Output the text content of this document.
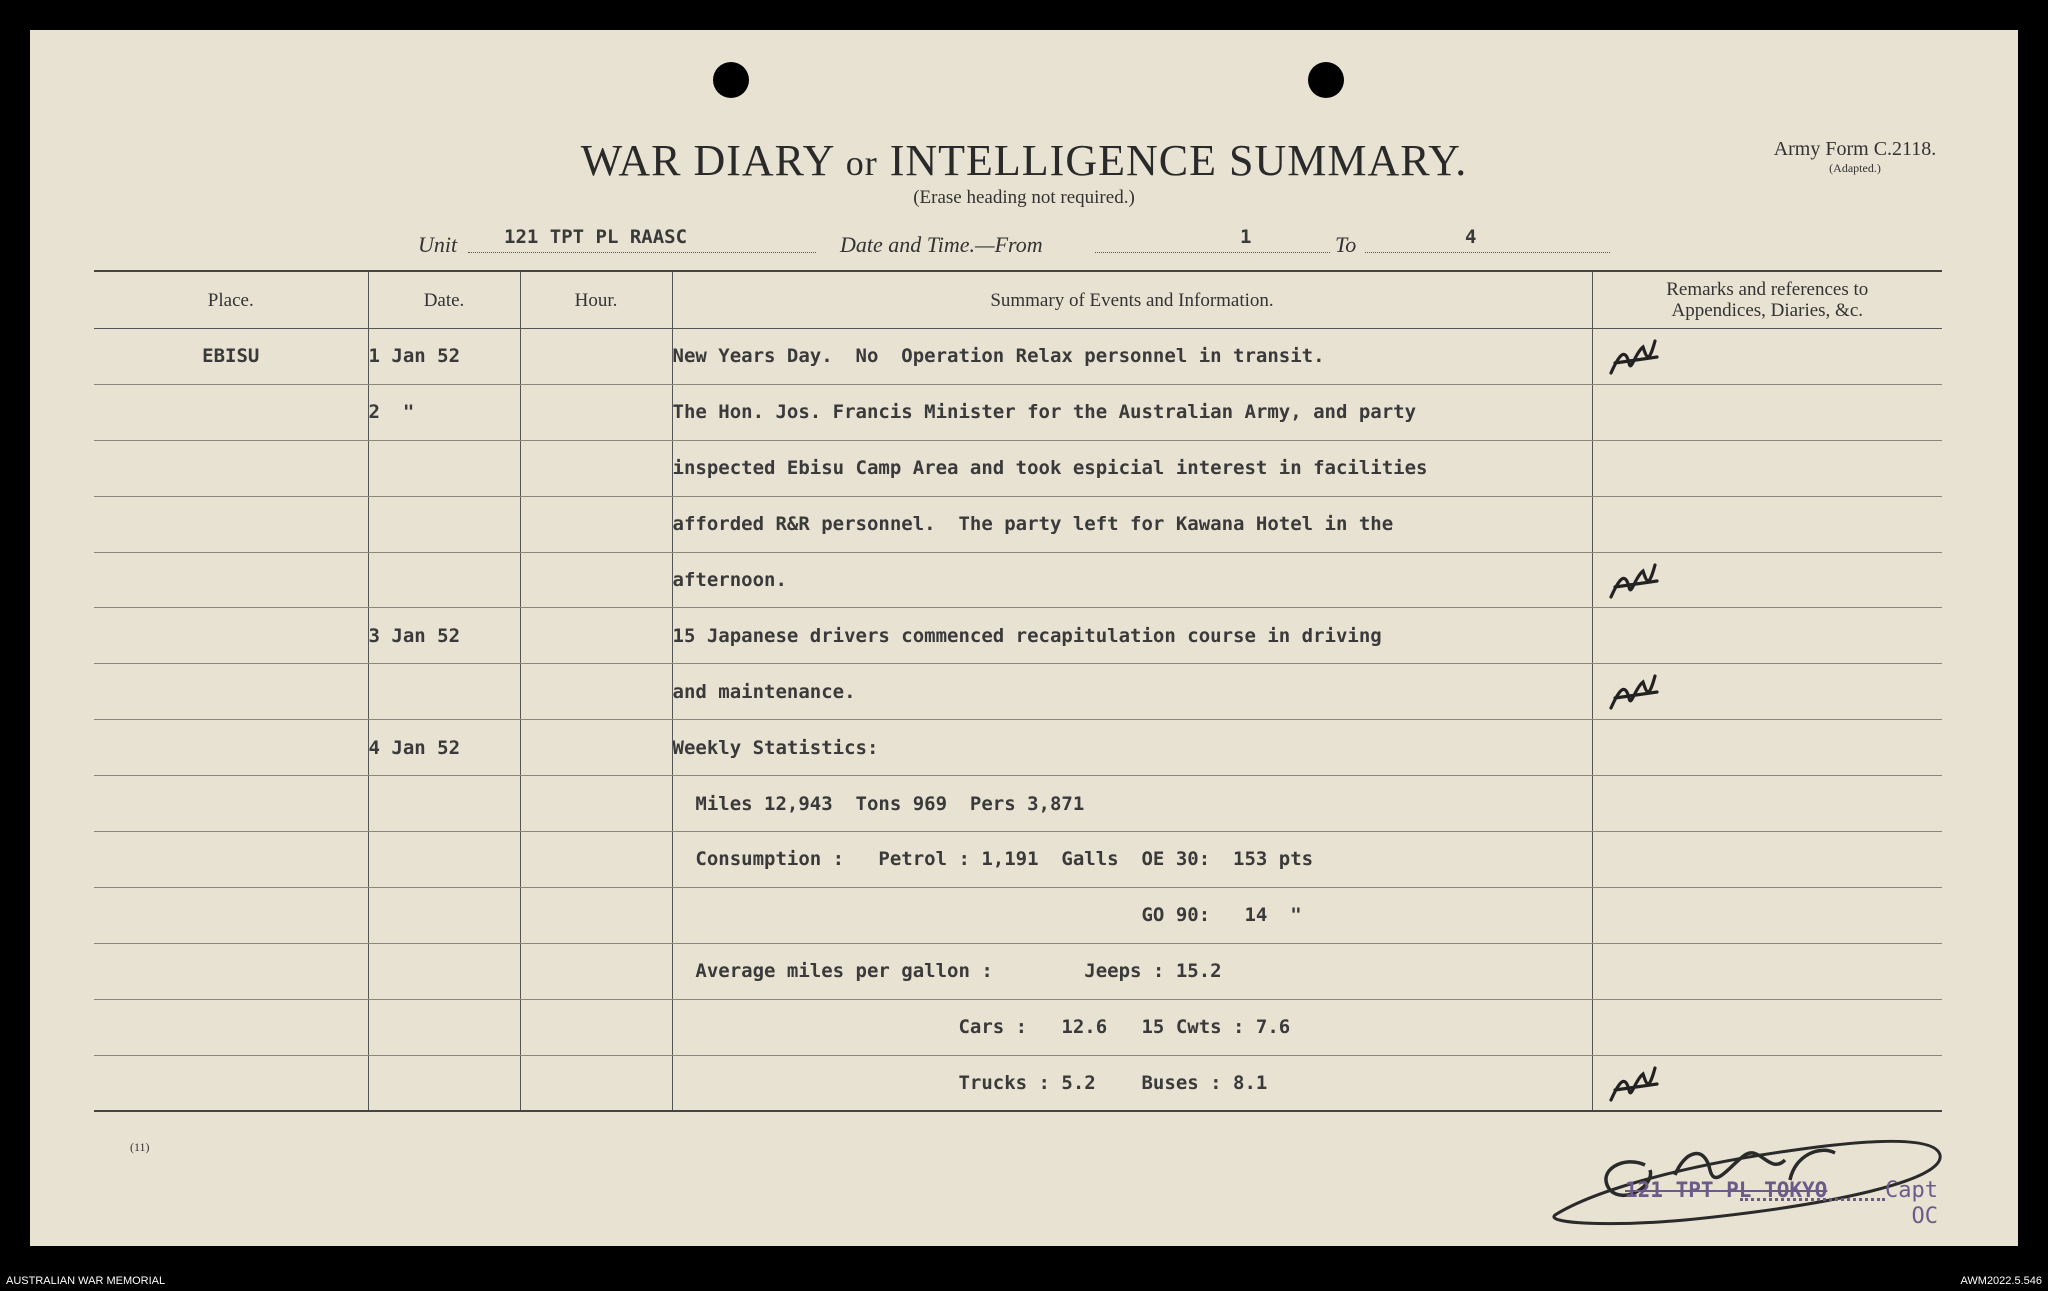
WAR DIARY or INTELLIGENCE SUMMARY.
(Erase heading not required.)
Army Form C.2118.
(Adapted.)
Unit 121 TPT PL RAASC	Date and Time.—From	1	To	4
Place.	Date.	Hour.	Summary of Events and Information.	Remarks and references to
Appendices, Diaries, &c.
EBISU	1 Jan 52		New Years Day.  No  Operation Relax personnel in transit.	

	2  "		The Hon. Jos. Francis Minister for the Australian Army, and party	
			inspected Ebisu Camp Area and took espicial interest in facilities	
			afforded R&R personnel.  The party left for Kawana Hotel in the	
			afternoon.	

	3 Jan 52		15 Japanese drivers commenced recapitulation course in driving	
			and maintenance.	

	4 Jan 52		Weekly Statistics:	
			Miles 12,943  Tons 969  Pers 3,871	
			Consumption :   Petrol : 1,191  Galls  OE 30:  153 pts	
			GO 90:   14  "	
			Average miles per gallon :        Jeeps : 15.2	
			Cars :   12.6   15 Cwts : 7.6	
			Trucks : 5.2    Buses : 8.1	
(11)
121 TPT PL TOKYO	Capt
OC
AUSTRALIAN WAR MEMORIAL	AWM2022.5.546
